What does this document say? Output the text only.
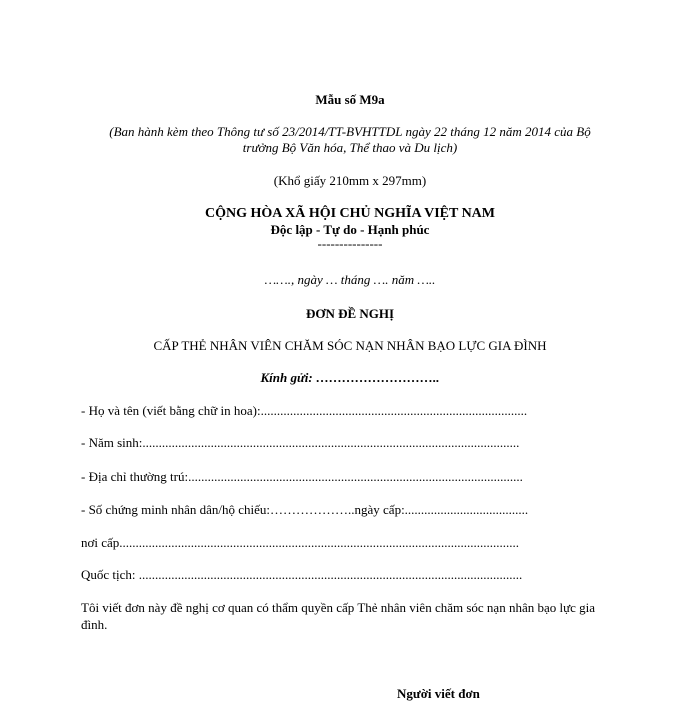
Mẫu số M9a
(Ban hành kèm theo Thông tư số 23/2014/TT-BVHTTDL ngày 22 tháng 12 năm 2014 của Bộ
trưởng Bộ Văn hóa, Thể thao và Du lịch)
(Khổ giấy 210mm x 297mm)
CỘNG HÒA XÃ HỘI CHỦ NGHĨA VIỆT NAM
Độc lập - Tự do - Hạnh phúc
---------------
……., ngày … tháng …. năm …..
ĐƠN ĐỀ NGHỊ
CẤP THẺ NHÂN VIÊN CHĂM SÓC NẠN NHÂN BẠO LỰC GIA ĐÌNH
Kính gửi: ………………………..
- Họ và tên (viết bằng chữ in hoa):..................................................................................
- Năm sinh:....................................................................................................................
- Địa chỉ thường trú:.......................................................................................................
- Số chứng minh nhân dân/hộ chiếu:………………..ngày cấp:......................................
nơi cấp...........................................................................................................................
Quốc tịch: ......................................................................................................................
Tôi viết đơn này đề nghị cơ quan có thẩm quyền cấp Thẻ nhân viên chăm sóc nạn nhân bạo lực gia đình.
Người viết đơn
